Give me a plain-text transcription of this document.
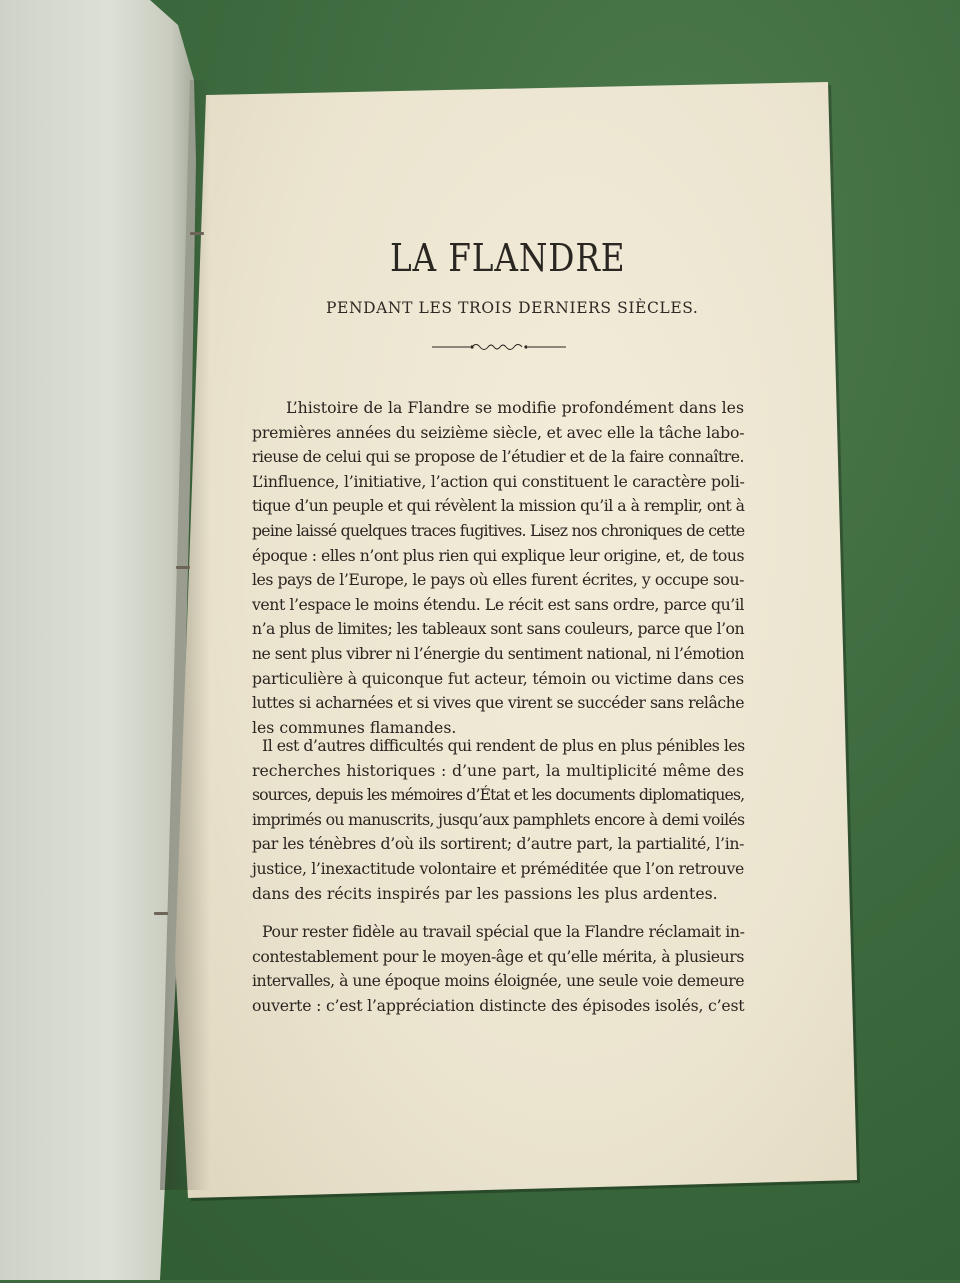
LA FLANDRE
PENDANT LES TROIS DERNIERS SIÈCLES.
L’histoire de la Flandre se modifie profondément dans les
premières années du seizième siècle, et avec elle la tâche labo-
rieuse de celui qui se propose de l’étudier et de la faire connaître.
L’influence, l’initiative, l’action qui constituent le caractère poli-
tique d’un peuple et qui révèlent la mission qu’il a à remplir, ont à
peine laissé quelques traces fugitives. Lisez nos chroniques de cette
époque : elles n’ont plus rien qui explique leur origine, et, de tous
les pays de l’Europe, le pays où elles furent écrites, y occupe sou-
vent l’espace le moins étendu. Le récit est sans ordre, parce qu’il
n’a plus de limites; les tableaux sont sans couleurs, parce que l’on
ne sent plus vibrer ni l’énergie du sentiment national, ni l’émotion
particulière à quiconque fut acteur, témoin ou victime dans ces
luttes si acharnées et si vives que virent se succéder sans relâche
les communes flamandes.
Il est d’autres difficultés qui rendent de plus en plus pénibles les
recherches historiques : d’une part, la multiplicité même des
sources, depuis les mémoires d’État et les documents diplomatiques,
imprimés ou manuscrits, jusqu’aux pamphlets encore à demi voilés
par les ténèbres d’où ils sortirent; d’autre part, la partialité, l’in-
justice, l’inexactitude volontaire et préméditée que l’on retrouve
dans des récits inspirés par les passions les plus ardentes.
Pour rester fidèle au travail spécial que la Flandre réclamait in-
contestablement pour le moyen-âge et qu’elle mérita, à plusieurs
intervalles, à une époque moins éloignée, une seule voie demeure
ouverte : c’est l’appréciation distincte des épisodes isolés, c’est
